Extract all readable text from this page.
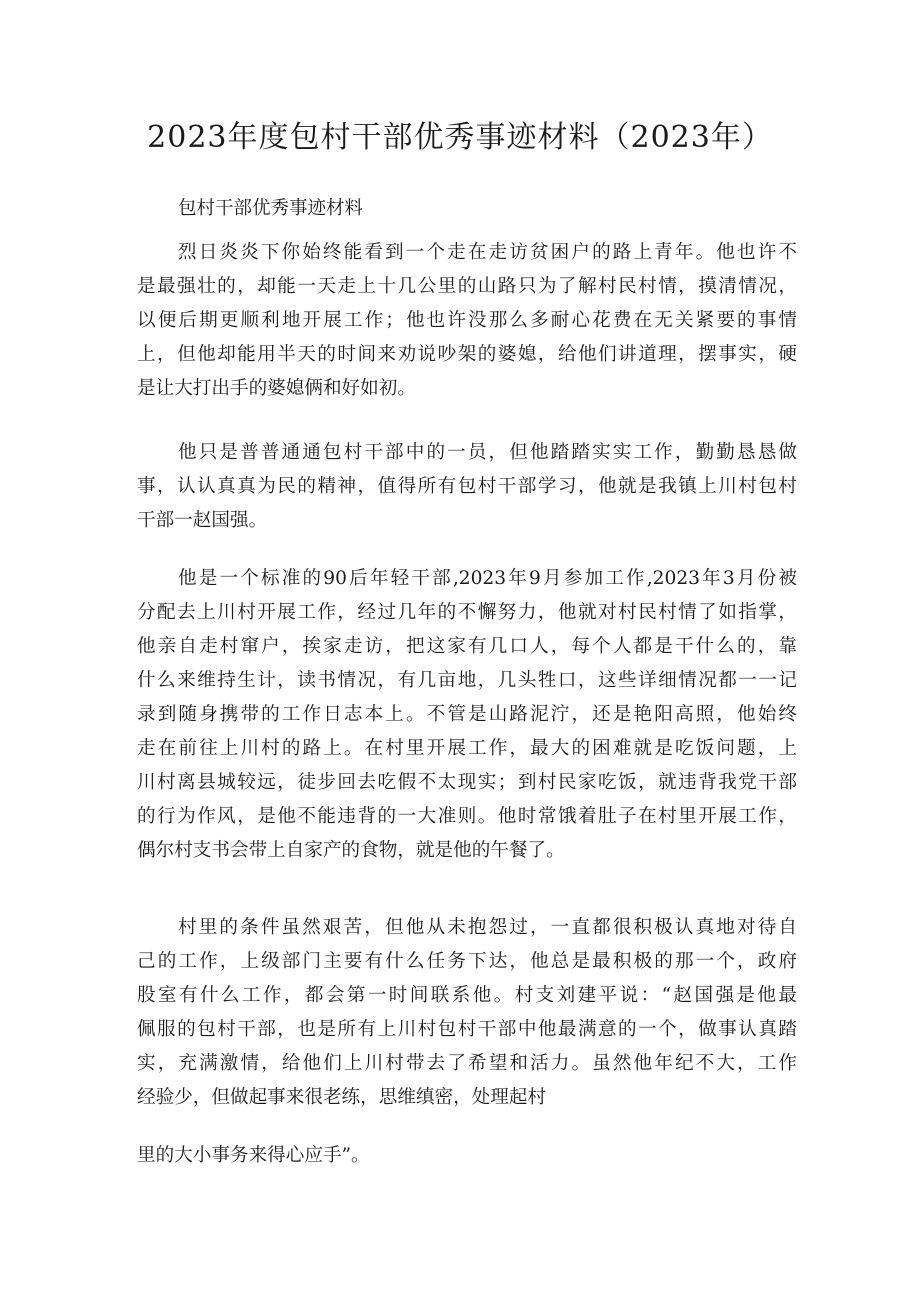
2023年度包村干部优秀事迹材料（2023年）

包村干部优秀事迹材料

烈日炎炎下你始终能看到一个走在走访贫困户的路上青年。他也许不
是最强壮的，却能一天走上十几公里的山路只为了解村民村情，摸清情况，
以便后期更顺利地开展工作；他也许没那么多耐心花费在无关紧要的事情
上，但他却能用半天的时间来劝说吵架的婆媳，给他们讲道理，摆事实，硬
是让大打出手的婆媳俩和好如初。
他只是普普通通包村干部中的一员，但他踏踏实实工作，勤勤恳恳做
事，认认真真为民的精神，值得所有包村干部学习，他就是我镇上川村包村
干部一赵国强。
他是一个标准的90后年轻干部,2023年9月参加工作,2023年3月份被
分配去上川村开展工作，经过几年的不懈努力，他就对村民村情了如指掌，
他亲自走村窜户，挨家走访，把这家有几口人，每个人都是干什么的，靠
什么来维持生计，读书情况，有几亩地，几头牲口，这些详细情况都一一记
录到随身携带的工作日志本上。不管是山路泥泞，还是艳阳高照，他始终
走在前往上川村的路上。在村里开展工作，最大的困难就是吃饭问题，上
川村离县城较远，徒步回去吃假不太现实；到村民家吃饭，就违背我党干部
的行为作风，是他不能违背的一大准则。他时常饿着肚子在村里开展工作，
偶尔村支书会带上自家产的食物，就是他的午餐了。
村里的条件虽然艰苦，但他从未抱怨过，一直都很积极认真地对待自
己的工作，上级部门主要有什么任务下达，他总是最积极的那一个，政府
股室有什么工作，都会第一时间联系他。村支刘建平说：“赵国强是他最
佩服的包村干部，也是所有上川村包村干部中他最满意的一个，做事认真踏
实，充满激情，给他们上川村带去了希望和活力。虽然他年纪不大，工作
经验少，但做起事来很老练，思维缜密，处理起村
里的大小事务来得心应手”。
